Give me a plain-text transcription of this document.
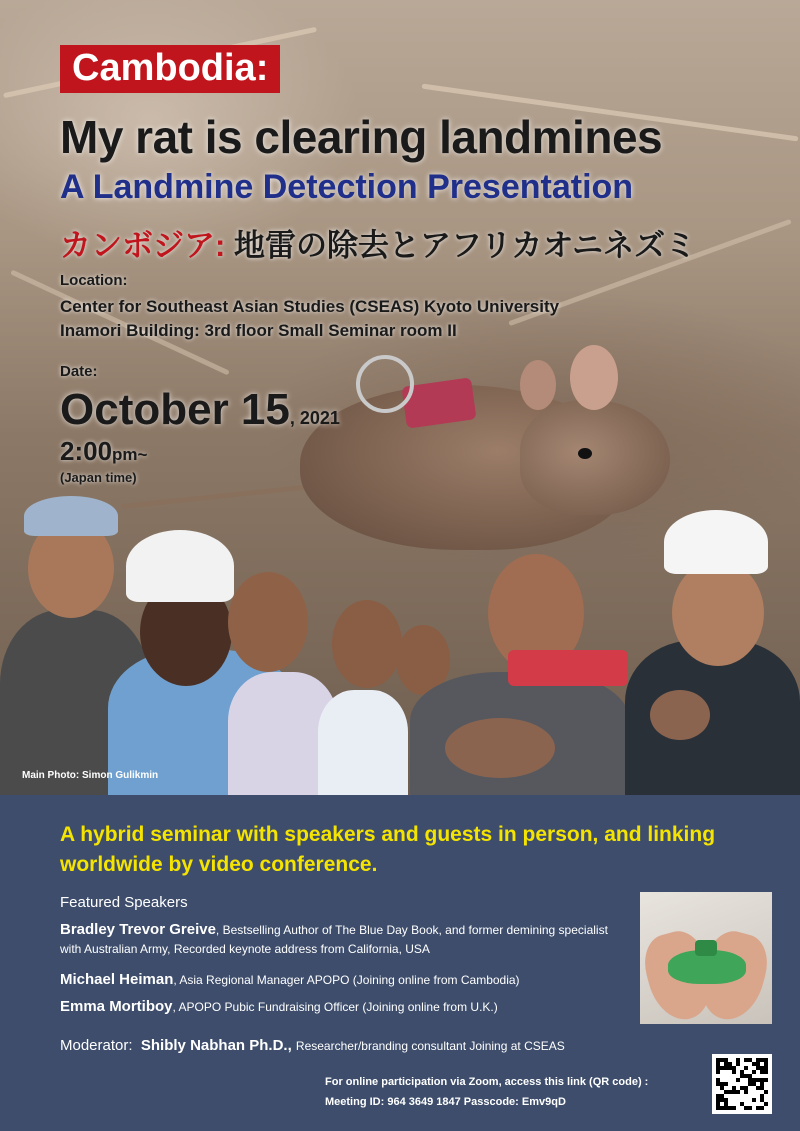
Cambodia:
My rat is clearing landmines
A Landmine Detection Presentation
カンボジア: 地雷の除去とアフリカオニネズミ
Location:
Center for Southeast Asian Studies (CSEAS) Kyoto University
Inamori Building: 3rd floor Small Seminar room II
Date:
October 15, 2021
2:00pm~
(Japan time)
Main Photo: Simon Gulikmin
A hybrid seminar with speakers and guests in person, and linking worldwide by video conference.
Featured Speakers
Bradley Trevor Greive, Bestselling Author of The Blue Day Book, and former demining specialist with Australian Army, Recorded keynote address from California, USA
Michael Heiman, Asia Regional Manager APOPO (Joining online from Cambodia)
Emma Mortiboy, APOPO Pubic Fundraising Officer (Joining online from U.K.)
Moderator: Shibly Nabhan Ph.D., Researcher/branding consultant Joining at CSEAS
For online participation via Zoom, access this link (QR code) :
Meeting ID: 964 3649 1847 Passcode: Emv9qD
